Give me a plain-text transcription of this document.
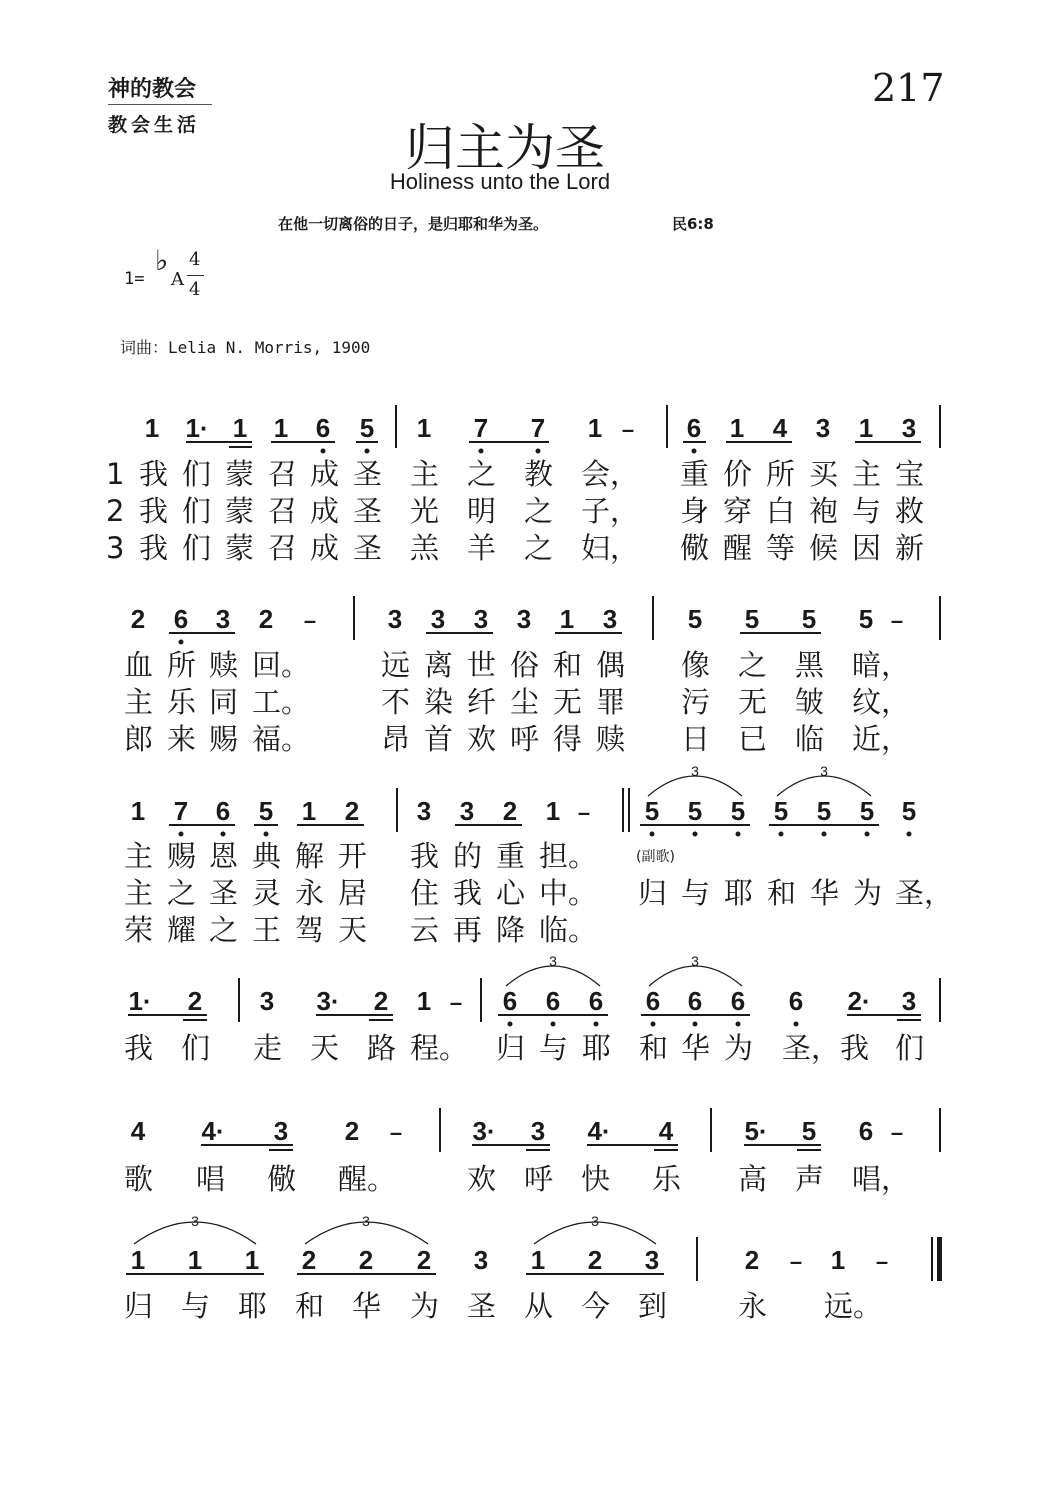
神的教会
教会生活
217
归主为圣
Holiness unto the Lord
在他一切离俗的日子，是归耶和华为圣。	民6:8
1=
♭
A
4
4
词曲：Lelia N. Morris, 1900
1 1· 1 1 6 5 1 7 7 1 – 6 1 4 3 1 3
1 我 们 蒙 召 成 圣 主 之 教 会， 重 价 所 买 主 宝
2 我 们 蒙 召 成 圣 光 明 之 子， 身 穿 白 袍 与 救
3 我 们 蒙 召 成 圣 羔 羊 之 妇， 儆 醒 等 候 因 新
2 6 3 2 –	3 3 3 3 1 3	5 5 5 5 –
血 所 赎 回。 远 离 世 俗 和 偶 像 之 黑 暗，
主 乐 同 工。 不 染 纤 尘 无 罪 污 无 皱 纹，
郎 来 赐 福。 昂 首 欢 呼 得 赎 日 已 临 近，
1 7 6 5 1 2 3 3 2 1 – 5 5 5 5 5 5 5
3	3
主 赐 恩 典 解 开 我 的 重 担。	(副歌)
主 之 圣 灵 永 居 住 我 心 中。 归 与 耶 和 华 为 圣，
荣 耀 之 王 驾 天 云 再 降 临。
1· 2 3 3· 2 1 – 6 6 6 6 6 6 6 2· 3
3	3
我 们 走 天 路 程。 归 与 耶 和 华 为 圣， 我 们
4 4· 3 2 –	3· 3 4· 4	5· 5 6 –
歌 唱 儆 醒。 欢 呼 快 乐 高 声 唱，
1 1 1 2 2 2 3 1 2 3	2 – 1 –
3	3	3
归 与 耶 和 华 为 圣 从 今 到 永 远。
